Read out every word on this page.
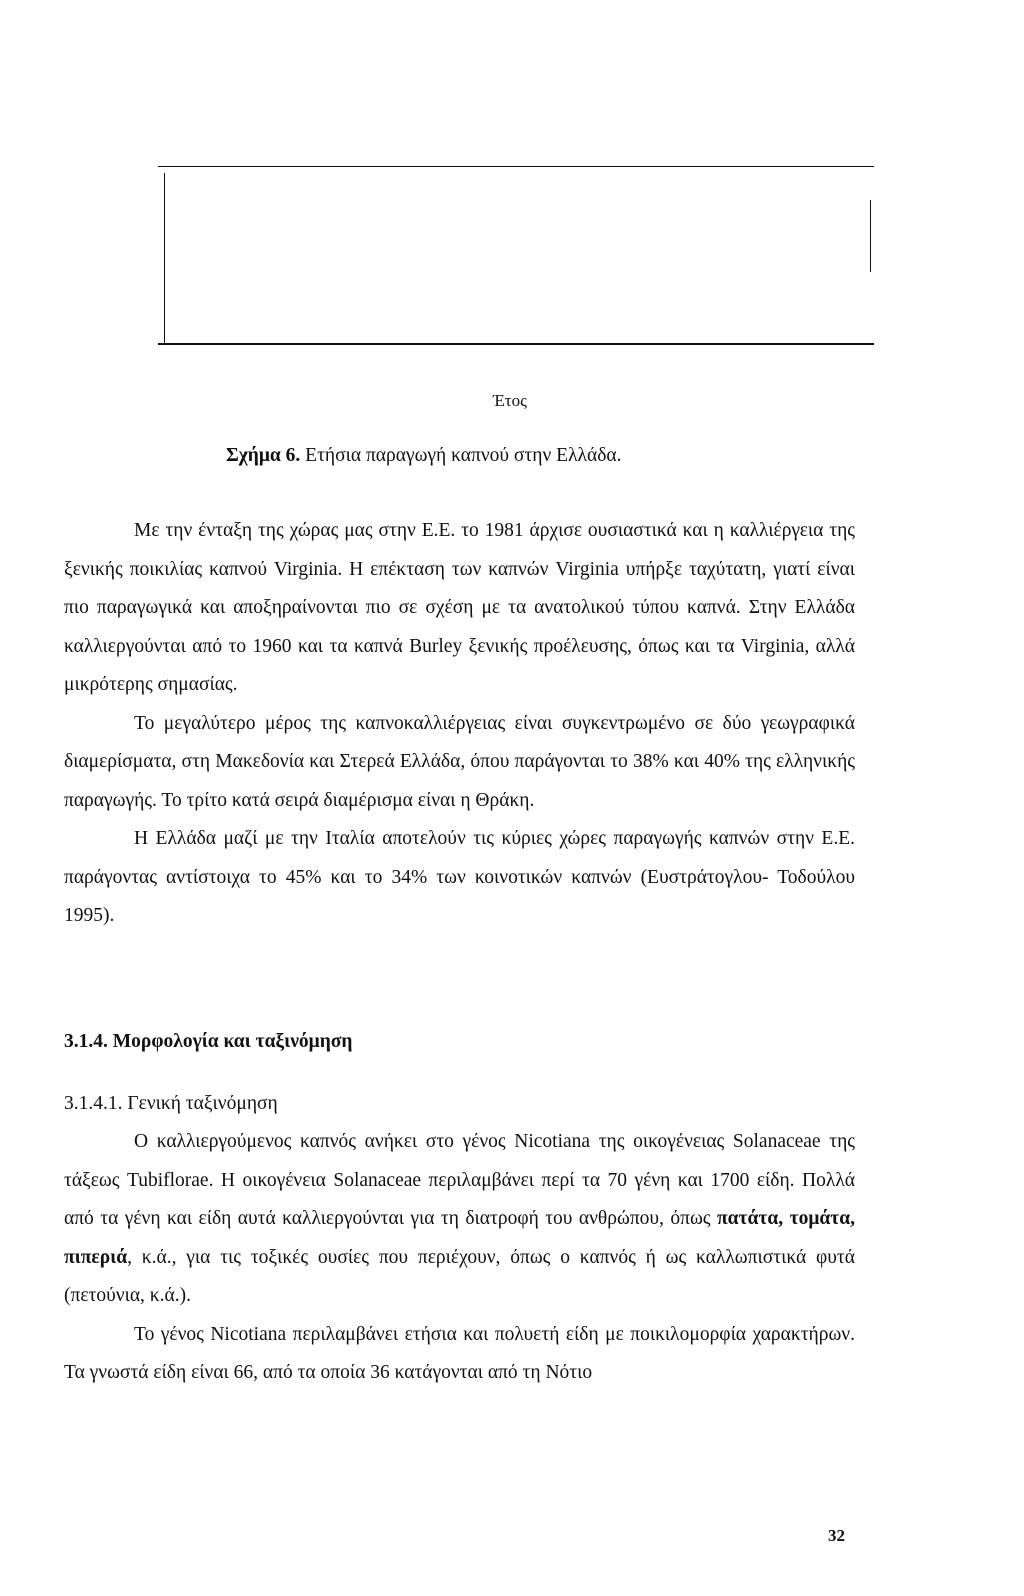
Έτος
Σχήμα 6. Ετήσια παραγωγή καπνού στην Ελλάδα.

Με την ένταξη της χώρας μας στην Ε.Ε. το 1981 άρχισε ουσιαστικά και η καλλιέργεια της ξενικής ποικιλίας καπνού Virginia. Η επέκταση των καπνών Virginia υπήρξε ταχύτατη, γιατί είναι πιο παραγωγικά και αποξηραίνονται πιο σε σχέση με τα ανατολικού τύπου καπνά. Στην Ελλάδα καλλιεργούνται από το 1960 και τα καπνά Burley ξενικής προέλευσης, όπως και τα Virginia, αλλά μικρότερης σημασίας.

Το μεγαλύτερο μέρος της καπνοκαλλιέργειας είναι συγκεντρωμένο σε δύο γεωγραφικά διαμερίσματα, στη Μακεδονία και Στερεά Ελλάδα, όπου παράγονται το 38% και 40% της ελληνικής παραγωγής. Το τρίτο κατά σειρά διαμέρισμα είναι η Θράκη.

Η Ελλάδα μαζί με την Ιταλία αποτελούν τις κύριες χώρες παραγωγής καπνών στην Ε.Ε. παράγοντας αντίστοιχα το 45% και το 34% των κοινοτικών καπνών (Ευστράτογλου- Τοδούλου 1995).

3.1.4. Μορφολογία και ταξινόμηση
3.1.4.1. Γενική ταξινόμηση

Ο καλλιεργούμενος καπνός ανήκει στο γένος Nicotiana της οικογένειας Solanaceae της τάξεως Tubiflorae. Η οικογένεια Solanaceae περιλαμβάνει περί τα 70 γένη και 1700 είδη. Πολλά από τα γένη και είδη αυτά καλλιεργούνται για τη διατροφή του ανθρώπου, όπως πατάτα, τομάτα, πιπεριά, κ.ά., για τις τοξικές ουσίες που περιέχουν, όπως ο καπνός ή ως καλλωπιστικά φυτά (πετούνια, κ.ά.).

Το γένος Nicotiana περιλαμβάνει ετήσια και πολυετή είδη με ποικιλομορφία χαρακτήρων. Τα γνωστά είδη είναι 66, από τα οποία 36 κατάγονται από τη Νότιο

32
